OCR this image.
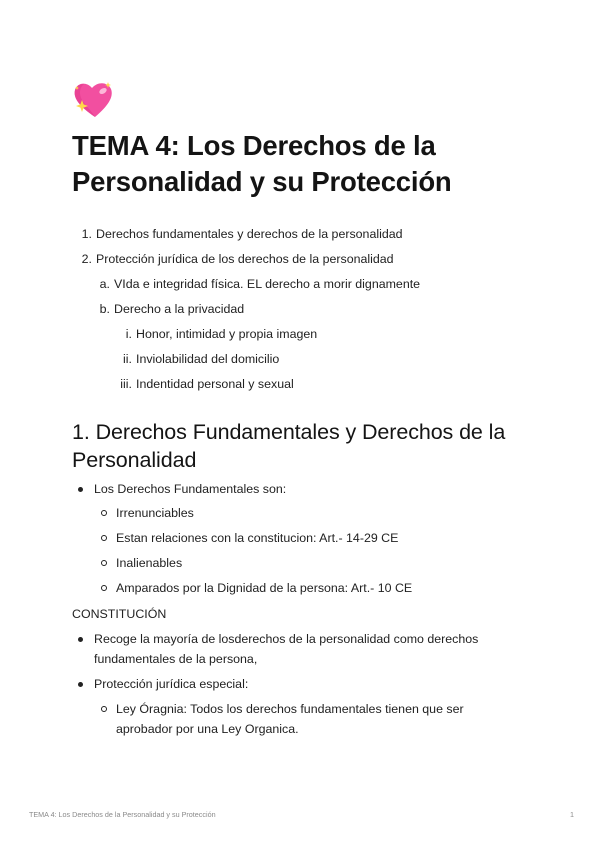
TEMA 4: Los Derechos de la Personalidad y su Protección
1. Derechos fundamentales y derechos de la personalidad
2. Protección jurídica de los derechos de la personalidad
a. VIda e integridad física. EL derecho a morir dignamente
b. Derecho a la privacidad
i. Honor, intimidad y propia imagen
ii. Inviolabilidad del domicilio
iii. Indentidad personal y sexual
1. Derechos Fundamentales y Derechos de la Personalidad
Los Derechos Fundamentales son:
Irrenunciables
Estan relaciones con la constitucion: Art.- 14-29 CE
Inalienables
Amparados por la Dignidad de la persona: Art.- 10 CE
CONSTITUCIÓN
Recoge la mayoría de losderechos de la personalidad como derechos fundamentales de la persona,
Protección jurídica especial:
Ley Óragnia: Todos los derechos fundamentales tienen que ser aprobador por una Ley Organica.
TEMA 4: Los Derechos de la Personalidad y su Protección	1
